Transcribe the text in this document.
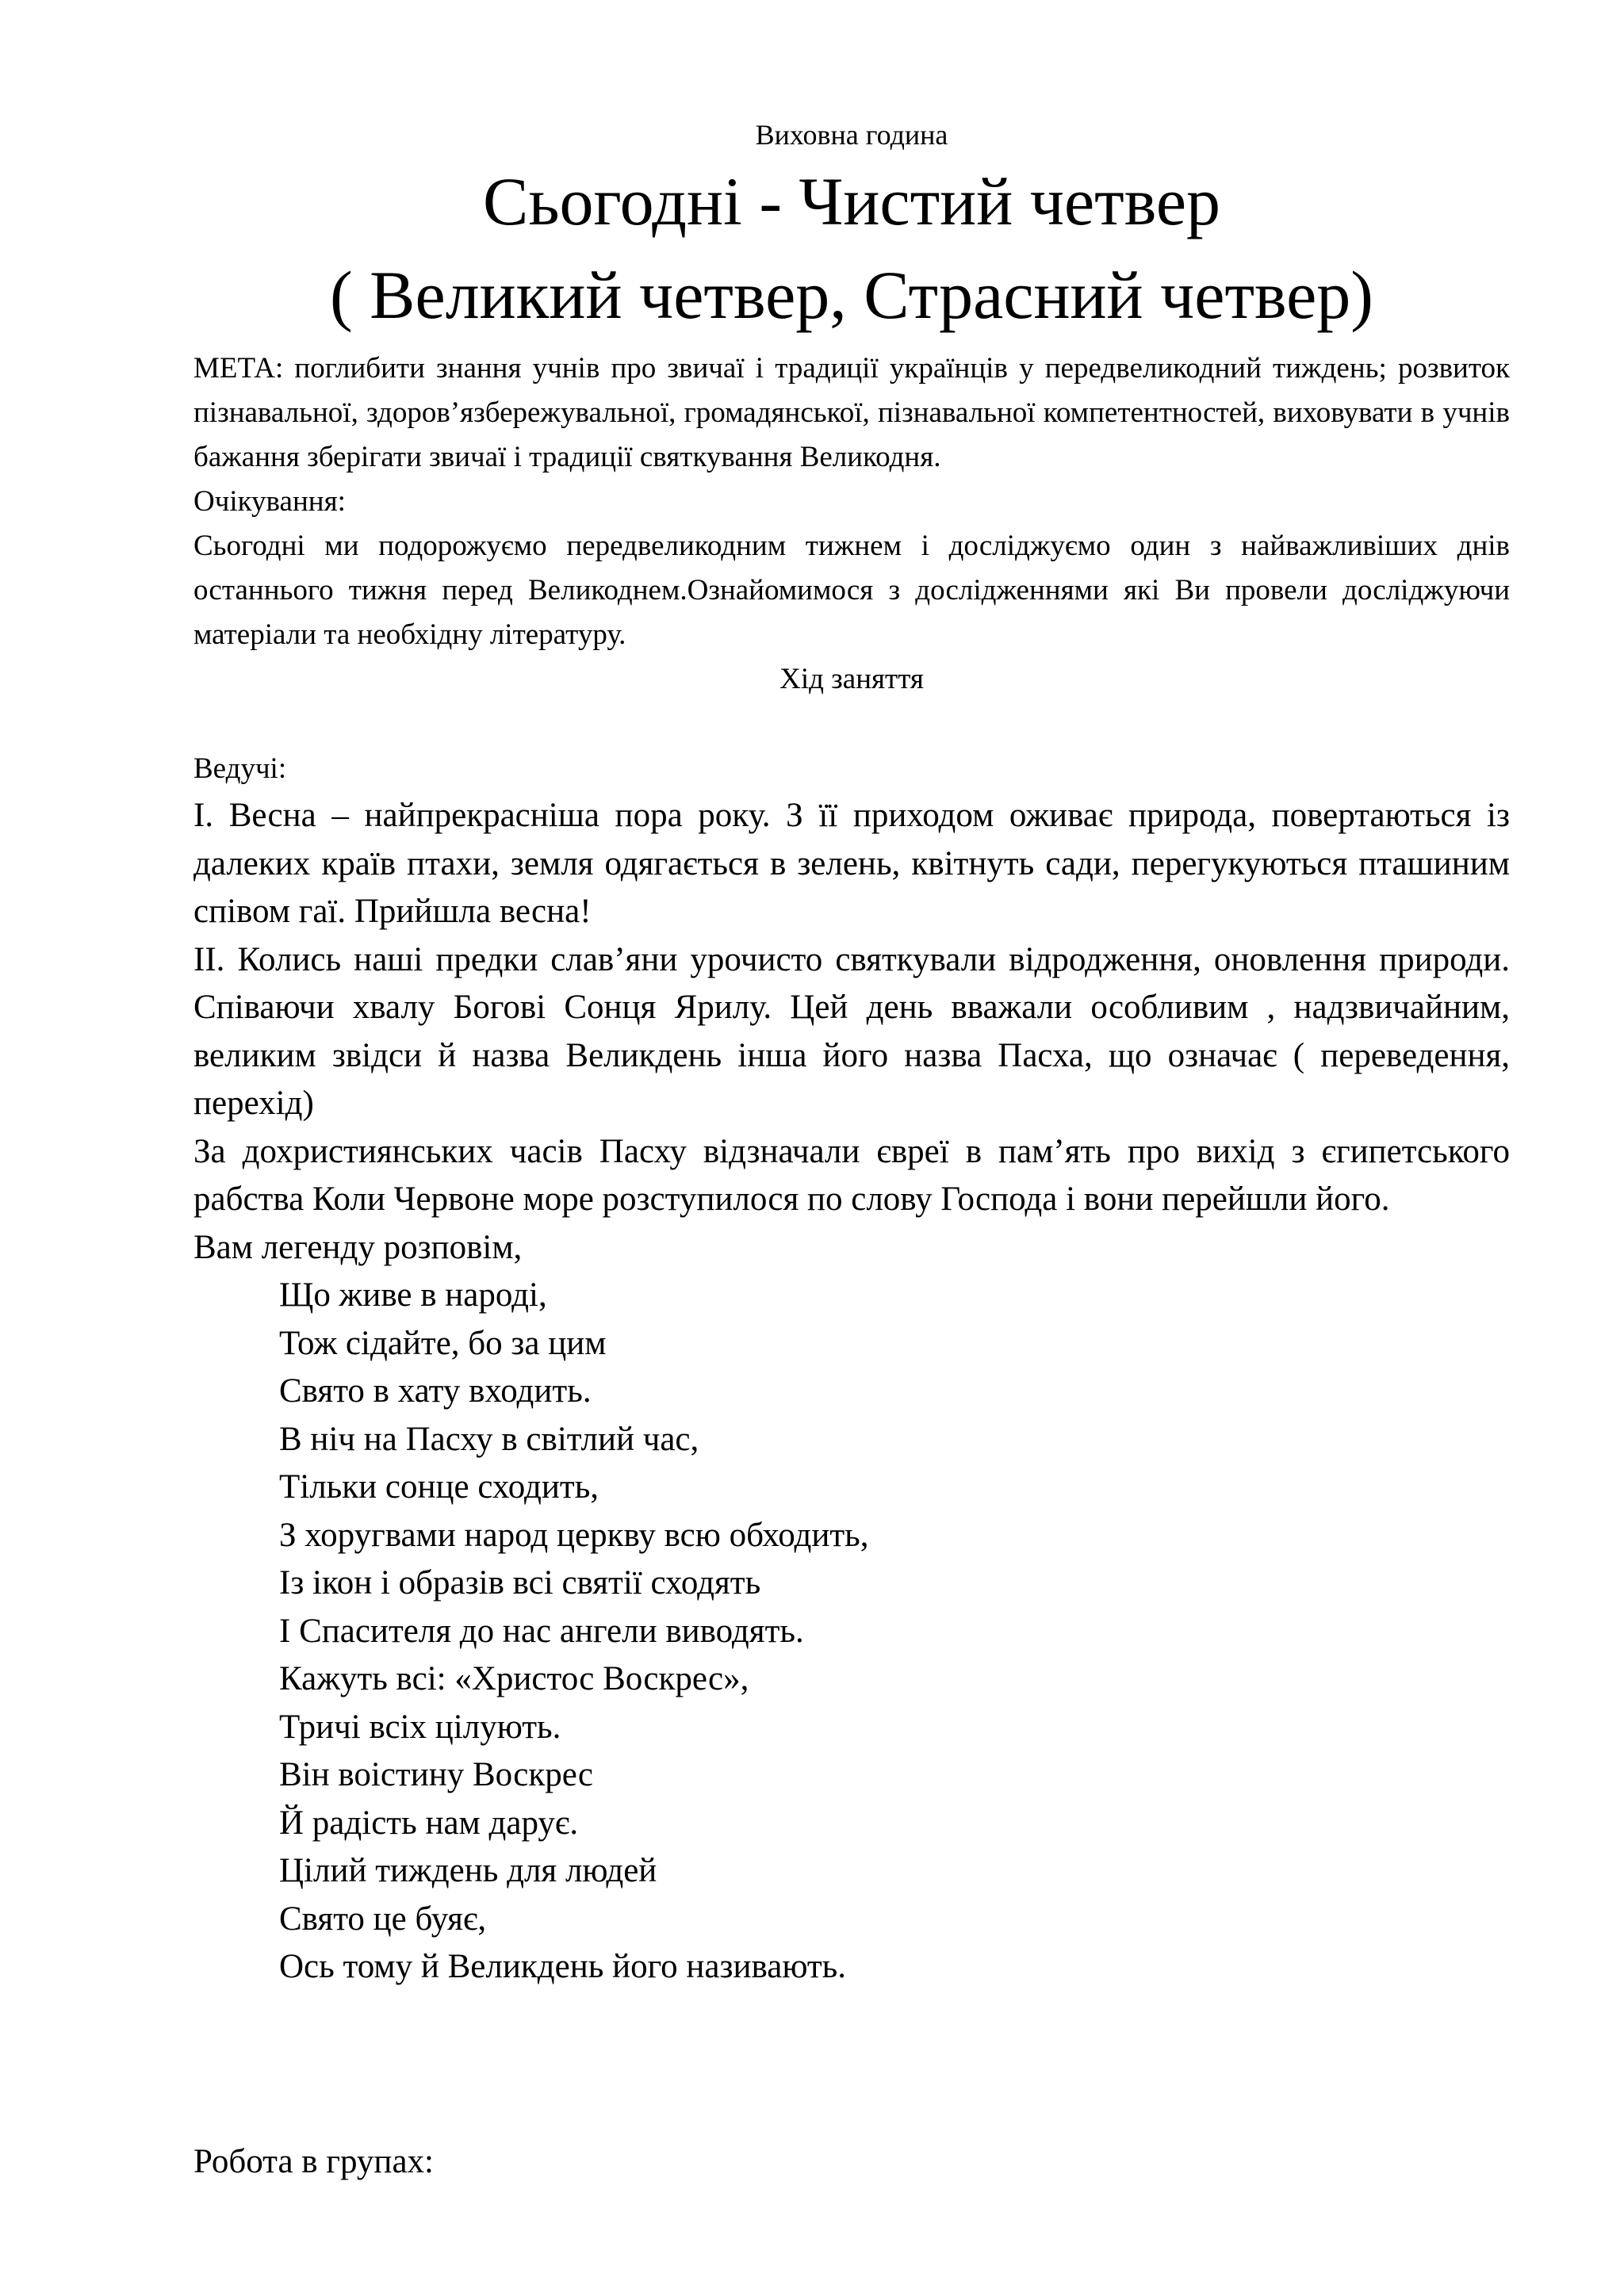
Виховна година

Сьогодні - Чистий четвер
( Великий четвер, Страсний четвер)

МЕТА: поглибити знання учнів про звичаї і традиції українців у передвеликодний тиждень; розвиток пізнавальної, здоров’язбережувальної, громадянської, пізнавальної компетентностей, виховувати в учнів бажання зберігати звичаї і традиції святкування Великодня.

Очікування:

Сьогодні ми подорожуємо передвеликодним тижнем і досліджуємо один з найважливіших днів останнього тижня перед Великоднем.Ознайомимося з дослідженнями які Ви провели досліджуючи матеріали та необхідну літературу.

Хід заняття

Ведучі:

І. Весна – найпрекрасніша пора року. З її приходом оживає природа, повертаються із далеких країв птахи, земля одягається в зелень, квітнуть сади, перегукуються пташиним співом гаї. Прийшла весна!

ІІ. Колись наші предки слав’яни урочисто святкували відродження, оновлення природи. Співаючи хвалу Богові Сонця Ярилу. Цей день вважали особливим , надзвичайним, великим звідси й назва Великдень інша його назва Пасха, що означає ( переведення, перехід)

За дохристиянських часів Пасху відзначали євреї в пам’ять про вихід з єгипетського рабства Коли Червоне море розступилося по слову Господа і вони перейшли його.

Вам легенду розповім,

Що живе в народі,
Тож сідайте, бо за цим
Свято в хату входить.
В ніч на Пасху в світлий час,
Тільки сонце сходить,
З хоругвами народ церкву всю обходить,
Із ікон і образів всі святії сходять
І Спасителя до нас ангели виводять.
Кажуть всі: «Христос Воскрес»,
Тричі всіх цілують.
Він воістину Воскрес
Й радість нам дарує.
Цілий тиждень для людей
Свято це буяє,
Ось тому й Великдень його називають.

Робота в групах:
